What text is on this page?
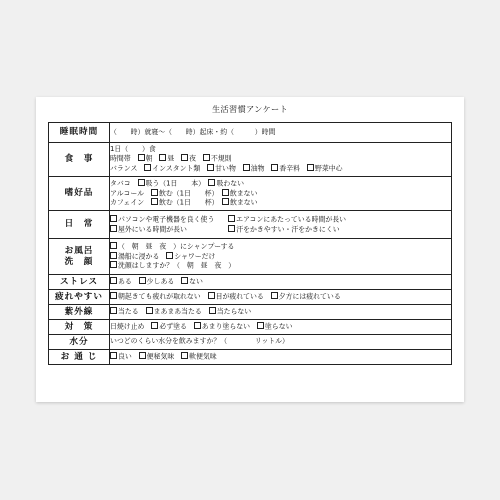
生活習慣アンケート
睡眠時間	（　　時）就寝～（　　時）起床・約（　　　）時間

食　事	1日（　　）食
時間帯　朝　昼　夜　不規則
バランス　インスタント類　甘い物　油物　香辛料　野菜中心

嗜好品	タバコ　吸う（1日　　本）　吸わない
アルコール　飲む（1日　　杯）　飲まない
カフェイン　飲む（1日　　杯）　飲まない

日　常	パソコンや電子機器を良く使う　　エアコンにあたっている時間が長い
屋外にいる時間が長い　　　　　　汗をかきやすい・汗をかきにくい

お風呂
洗　顔	（　朝　昼　夜　）にシャンプーする
湯船に浸かる　シャワーだけ
洗顔はしますか？（　朝　昼　夜　）

ストレス	ある　少しある　ない

疲れやすい	朝起きても疲れが取れない　目が疲れている　夕方には疲れている

紫外線	当たる　まあまあ当たる　当たらない

対　策	日焼け止め　必ず塗る　あまり塗らない　塗らない

水分	いつどのくらい水分を飲みますか？（　　　　リットル）

お 通 じ	良い　便秘気味　軟便気味
